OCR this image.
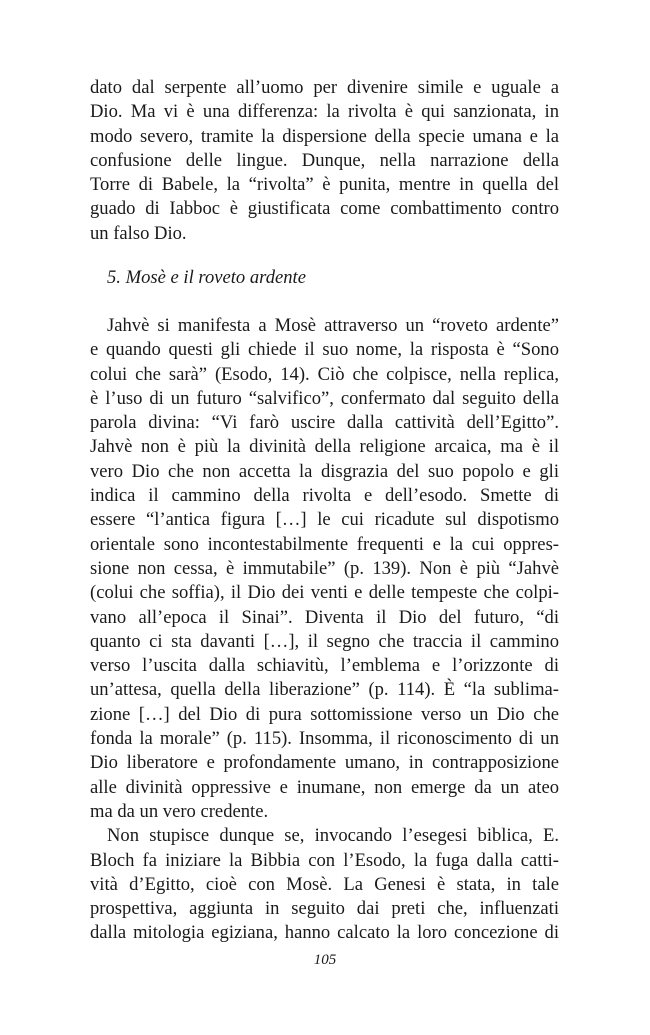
dato dal serpente all’uomo per divenire simile e uguale a
Dio. Ma vi è una differenza: la rivolta è qui sanzionata, in
modo severo, tramite la dispersione della specie umana e la
confusione delle lingue. Dunque, nella narrazione della
Torre di Babele, la “rivolta” è punita, mentre in quella del
guado di Iabboc è giustificata come combattimento contro
un falso Dio.
5. Mosè e il roveto ardente
Jahvè si manifesta a Mosè attraverso un “roveto ardente”
e quando questi gli chiede il suo nome, la risposta è “Sono
colui che sarà” (Esodo, 14). Ciò che colpisce, nella replica,
è l’uso di un futuro “salvifico”, confermato dal seguito della
parola divina: “Vi farò uscire dalla cattività dell’Egitto”.
Jahvè non è più la divinità della religione arcaica, ma è il
vero Dio che non accetta la disgrazia del suo popolo e gli
indica il cammino della rivolta e dell’esodo. Smette di
essere “l’antica figura […] le cui ricadute sul dispotismo
orientale sono incontestabilmente frequenti e la cui oppres-
sione non cessa, è immutabile” (p. 139). Non è più “Jahvè
(colui che soffia), il Dio dei venti e delle tempeste che colpi-
vano all’epoca il Sinai”. Diventa il Dio del futuro, “di
quanto ci sta davanti […], il segno che traccia il cammino
verso l’uscita dalla schiavitù, l’emblema e l’orizzonte di
un’attesa, quella della liberazione” (p. 114). È “la sublima-
zione […] del Dio di pura sottomissione verso un Dio che
fonda la morale” (p. 115). Insomma, il riconoscimento di un
Dio liberatore e profondamente umano, in contrapposizione
alle divinità oppressive e inumane, non emerge da un ateo
ma da un vero credente.
Non stupisce dunque se, invocando l’esegesi biblica, E.
Bloch fa iniziare la Bibbia con l’Esodo, la fuga dalla catti-
vità d’Egitto, cioè con Mosè. La Genesi è stata, in tale
prospettiva, aggiunta in seguito dai preti che, influenzati
dalla mitologia egiziana, hanno calcato la loro concezione di
105
